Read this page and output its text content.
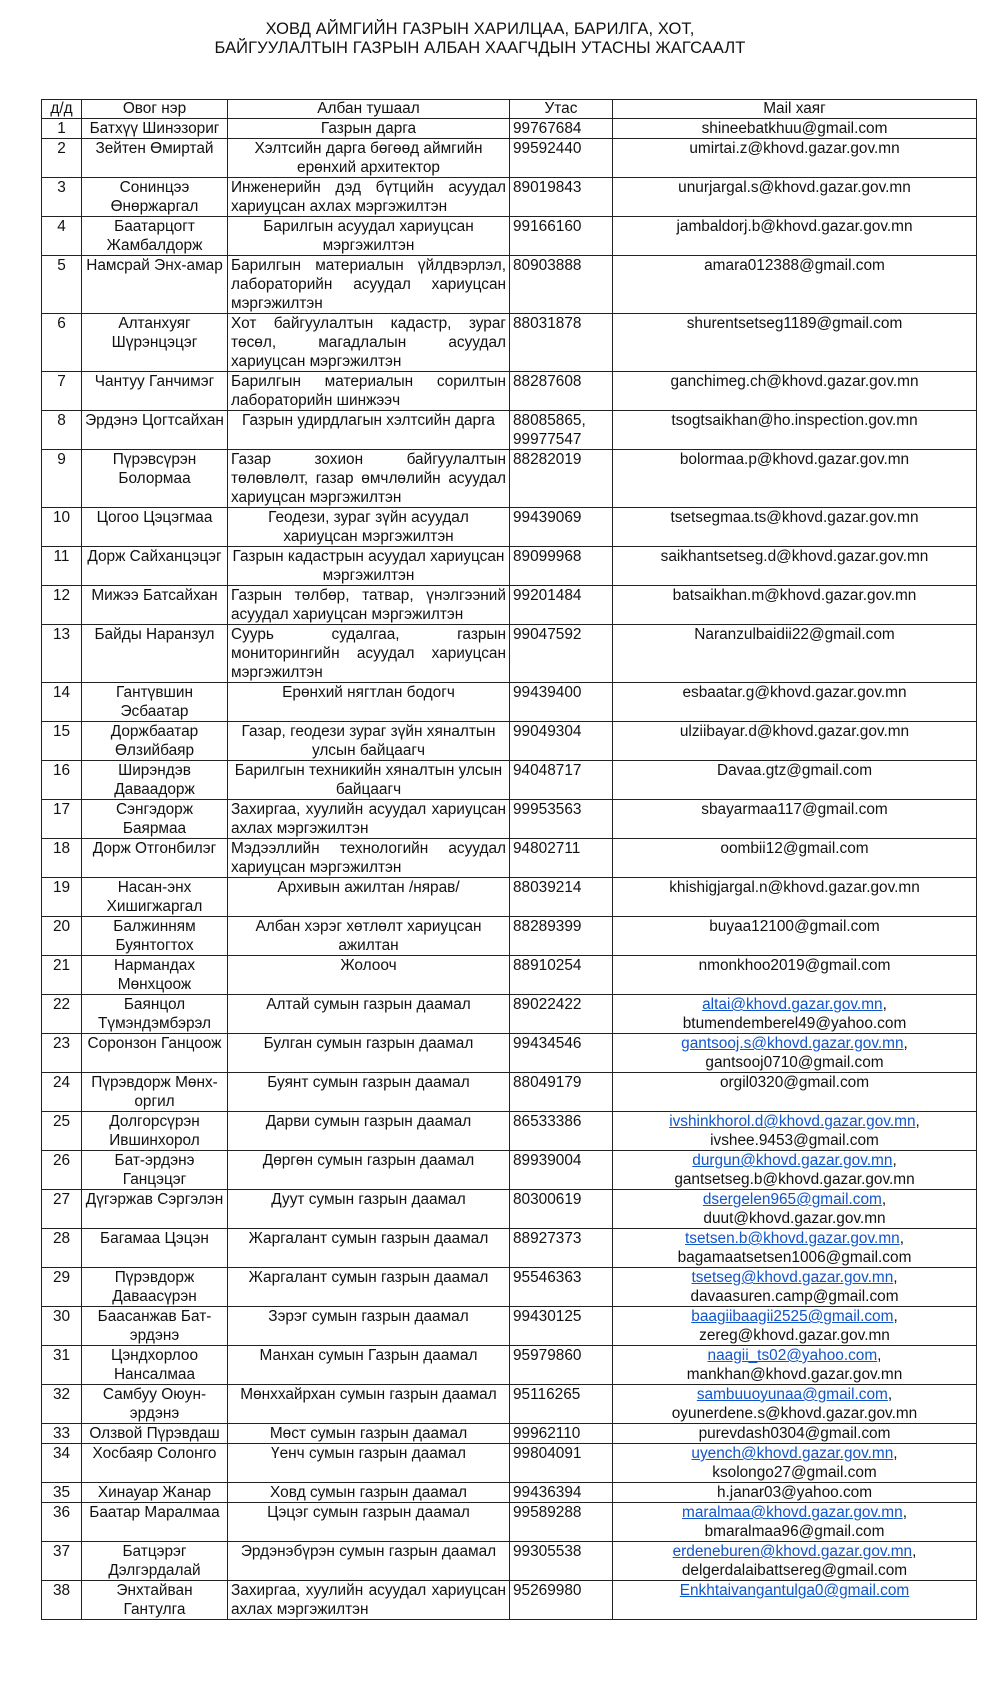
ХОВД АЙМГИЙН ГАЗРЫН ХАРИЛЦАА, БАРИЛГА, ХОТ,
БАЙГУУЛАЛТЫН ГАЗРЫН АЛБАН ХААГЧДЫН УТАСНЫ ЖАГСААЛТ
д/д	Овог нэр	Албан тушаал	Утас	Mail хаяг
1	Батхүү Шинэзориг	Газрын дарга	99767684	shineebatkhuu@gmail.com

2	Зейтен Өмиртай	Хэлтсийн дарга бөгөөд аймгийн ерөнхий архитектор	99592440	umirtai.z@khovd.gazar.gov.mn

3	Сонинцээ Өнөржаргал	Инженерийн дэд бүтцийн асуудал хариуцсан ахлах мэргэжилтэн	89019843	unurjargal.s@khovd.gazar.gov.mn

4	Баатарцогт Жамбалдорж	Барилгын асуудал хариуцсан мэргэжилтэн	99166160	jambaldorj.b@khovd.gazar.gov.mn

5	Намсрай Энх-амар	Барилгын материалын үйлдвэрлэл, лабораторийн асуудал хариуцсан мэргэжилтэн	80903888	amara012388@gmail.com

6	Алтанхуяг Шүрэнцэцэг	Хот байгуулалтын кадастр, зураг төсөл, магадлалын асуудал хариуцсан мэргэжилтэн	88031878	shurentsetseg1189@gmail.com

7	Чантуу Ганчимэг	Барилгын материалын сорилтын лабораторийн шинжээч	88287608	ganchimeg.ch@khovd.gazar.gov.mn

8	Эрдэнэ Цогтсайхан	Газрын удирдлагын хэлтсийн дарга	88085865, 99977547	tsogtsaikhan@ho.inspection.gov.mn

9	Пүрэвсүрэн Болормаа	Газар зохион байгуулалтын төлөвлөлт, газар өмчлөлийн асуудал хариуцсан мэргэжилтэн	88282019	bolormaa.p@khovd.gazar.gov.mn

10	Цогоо Цэцэгмаа	Геодези, зураг зүйн асуудал хариуцсан мэргэжилтэн	99439069	tsetsegmaa.ts@khovd.gazar.gov.mn

11	Дорж Сайханцэцэг	Газрын кадастрын асуудал хариуцсан мэргэжилтэн	89099968	saikhantsetseg.d@khovd.gazar.gov.mn

12	Мижээ Батсайхан	Газрын төлбөр, татвар, үнэлгээний асуудал хариуцсан мэргэжилтэн	99201484	batsaikhan.m@khovd.gazar.gov.mn

13	Байды Наранзул	Суурь судалгаа, газрын мониторингийн асуудал хариуцсан мэргэжилтэн	99047592	Naranzulbaidii22@gmail.com

14	Гантүвшин Эсбаатар	Ерөнхий нягтлан бодогч	99439400	esbaatar.g@khovd.gazar.gov.mn

15	Доржбаатар Өлзийбаяр	Газар, геодези зураг зүйн хяналтын улсын байцаагч	99049304	ulziibayar.d@khovd.gazar.gov.mn

16	Ширэндэв Даваадорж	Барилгын техникийн хяналтын улсын байцаагч	94048717	Davaa.gtz@gmail.com

17	Сэнгэдорж Баярмаа	Захиргаа, хуулийн асуудал хариуцсан ахлах мэргэжилтэн	99953563	sbayarmaa117@gmail.com

18	Дорж Отгонбилэг	Мэдээллийн технологийн асуудал хариуцсан мэргэжилтэн	94802711	oombii12@gmail.com

19	Насан-энх Хишигжаргал	Архивын ажилтан /нярав/	88039214	khishigjargal.n@khovd.gazar.gov.mn

20	Балжинням Буянтогтох	Албан хэрэг хөтлөлт хариуцсан ажилтан	88289399	buyaa12100@gmail.com

21	Нармандах Мөнхцоож	Жолооч	88910254	nmonkhoo2019@gmail.com

22	Баянцол Түмэндэмбэрэл	Алтай сумын газрын даамал	89022422	altai@khovd.gazar.gov.mn,
btumendemberel49@yahoo.com

23	Соронзон Ганцоож	Булган сумын газрын даамал	99434546	gantsooj.s@khovd.gazar.gov.mn,
gantsooj0710@gmail.com

24	Пүрэвдорж Мөнх-оргил	Буянт сумын газрын даамал	88049179	orgil0320@gmail.com

25	Долгорсүрэн Ившинхорол	Дарви сумын газрын даамал	86533386	ivshinkhorol.d@khovd.gazar.gov.mn,
ivshee.9453@gmail.com

26	Бат-эрдэнэ Ганцэцэг	Дөргөн сумын газрын даамал	89939004	durgun@khovd.gazar.gov.mn,
gantsetseg.b@khovd.gazar.gov.mn

27	Дүгэржав Сэргэлэн	Дуут сумын газрын даамал	80300619	dsergelen965@gmail.com,
duut@khovd.gazar.gov.mn

28	Багамаа Цэцэн	Жаргалант сумын газрын даамал	88927373	tsetsen.b@khovd.gazar.gov.mn,
bagamaatsetsen1006@gmail.com

29	Пүрэвдорж Даваасүрэн	Жаргалант сумын газрын даамал	95546363	tsetseg@khovd.gazar.gov.mn,
davaasuren.camp@gmail.com

30	Баасанжав Бат-эрдэнэ	Зэрэг сумын газрын даамал	99430125	baagiibaagii2525@gmail.com,
zereg@khovd.gazar.gov.mn

31	Цэндхорлоо Нансалмаа	Манхан сумын Газрын даамал	95979860	naagii_ts02@yahoo.com,
mankhan@khovd.gazar.gov.mn

32	Самбуу Оюун-эрдэнэ	Мөнххайрхан сумын газрын даамал	95116265	sambuuoyunaa@gmail.com,
oyunerdene.s@khovd.gazar.gov.mn

33	Олзвой Пүрэвдаш	Мөст сумын газрын даамал	99962110	purevdash0304@gmail.com

34	Хосбаяр Солонго	Үенч сумын газрын даамал	99804091	uyench@khovd.gazar.gov.mn,
ksolongo27@gmail.com

35	Хинауар Жанар	Ховд сумын газрын даамал	99436394	h.janar03@yahoo.com

36	Баатар Маралмаа	Цэцэг сумын газрын даамал	99589288	maralmaa@khovd.gazar.gov.mn,
bmaralmaa96@gmail.com

37	Батцэрэг Дэлгэрдалай	Эрдэнэбүрэн сумын газрын даамал	99305538	erdeneburen@khovd.gazar.gov.mn,
delgerdalaibattsereg@gmail.com

38	Энхтайван Гантулга	Захиргаа, хуулийн асуудал хариуцсан ахлах мэргэжилтэн	95269980	Enkhtaivangantulga0@gmail.com
